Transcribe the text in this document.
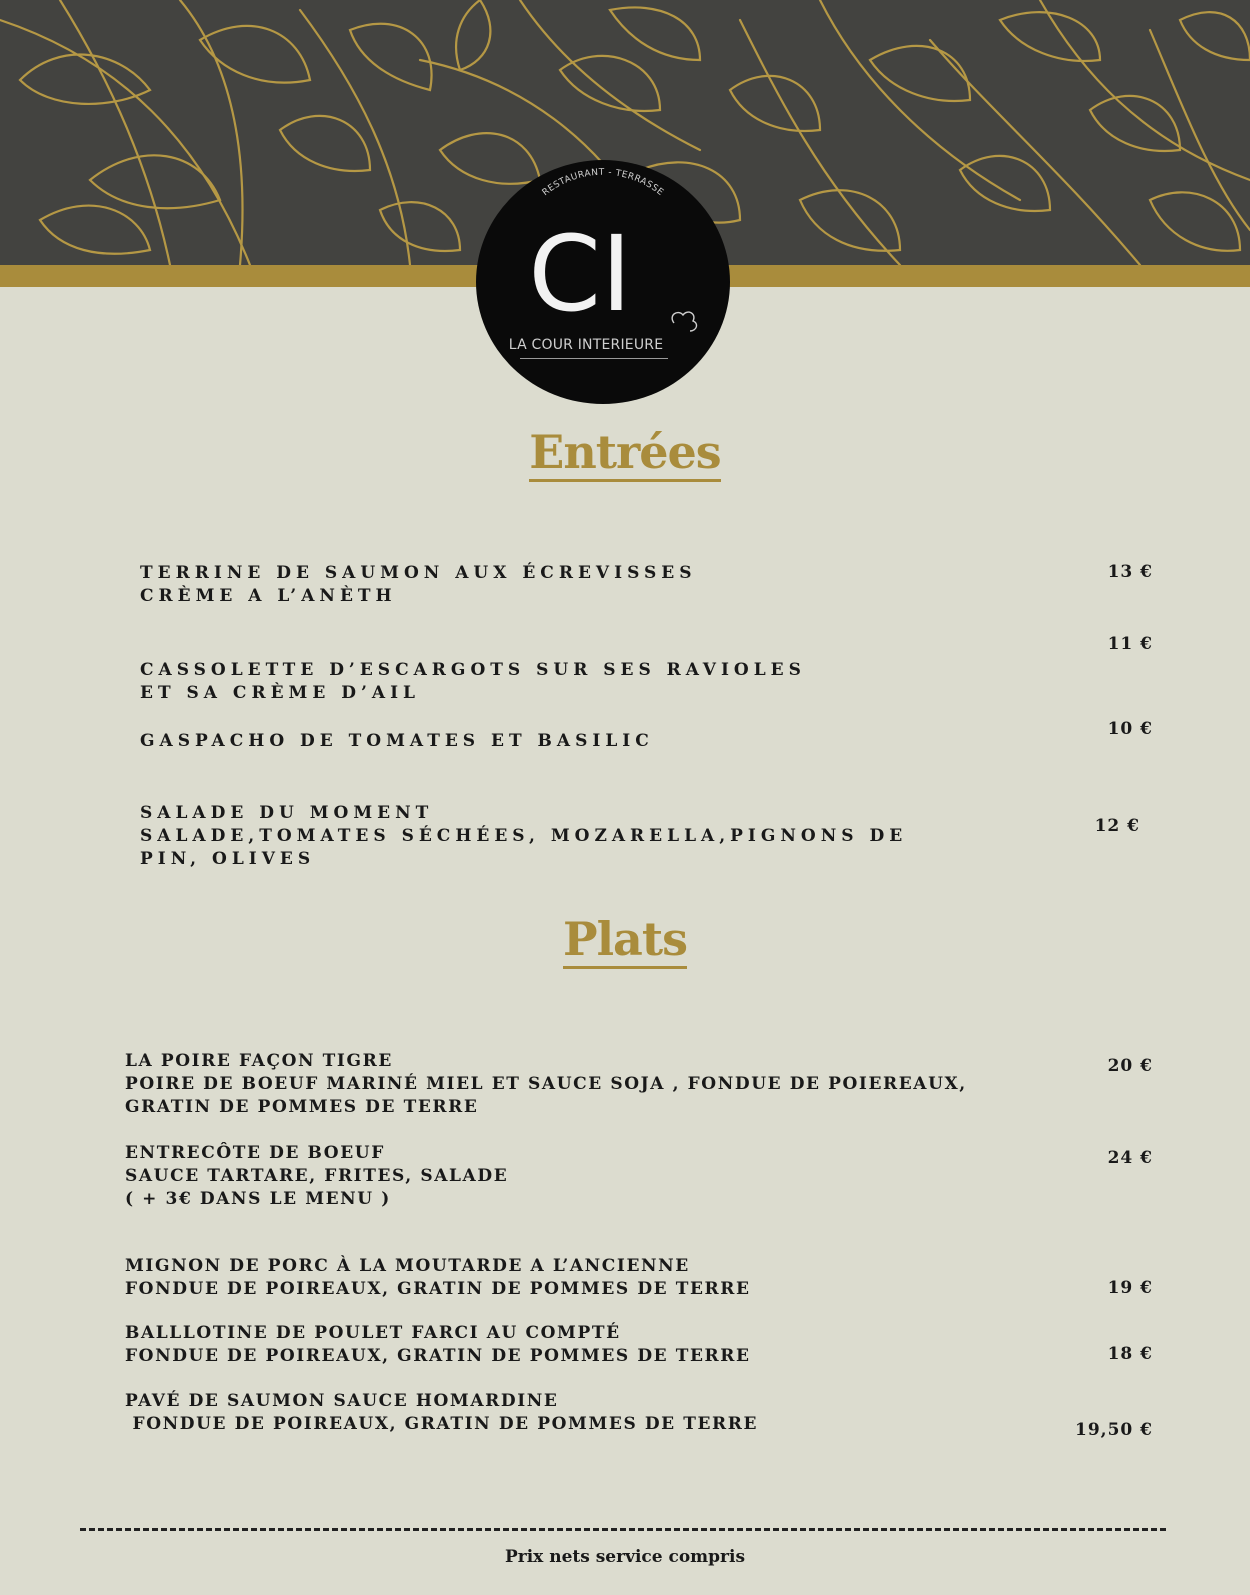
RESTAURANT - TERRASSE
CI
LA COUR INTERIEURE
Entrées
TERRINE DE SAUMON AUX ÉCREVISSES
CRÈME A L’ANÈTH
13 €
CASSOLETTE D’ESCARGOTS SUR SES RAVIOLES
ET SA CRÈME D’AIL
11 €
GASPACHO DE TOMATES ET BASILIC
10 €
SALADE DU MOMENT
SALADE,TOMATES SÉCHÉES, MOZARELLA,PIGNONS DE
PIN, OLIVES
12 €
Plats
LA POIRE FAÇON TIGRE
POIRE DE BOEUF MARINÉ MIEL ET SAUCE SOJA , FONDUE DE POIEREAUX,
GRATIN DE POMMES DE TERRE
20 €
ENTRECÔTE DE BOEUF
SAUCE TARTARE, FRITES, SALADE
( + 3€ DANS LE MENU )
24 €
MIGNON DE PORC À LA MOUTARDE A L’ANCIENNE
FONDUE DE POIREAUX, GRATIN DE POMMES DE TERRE	19 €
BALLLOTINE DE POULET FARCI AU COMPTÉ
FONDUE DE POIREAUX, GRATIN DE POMMES DE TERRE	18 €
PAVÉ DE SAUMON SAUCE HOMARDINE
FONDUE DE POIREAUX, GRATIN DE POMMES DE TERRE	19,50 €
Prix nets service compris
